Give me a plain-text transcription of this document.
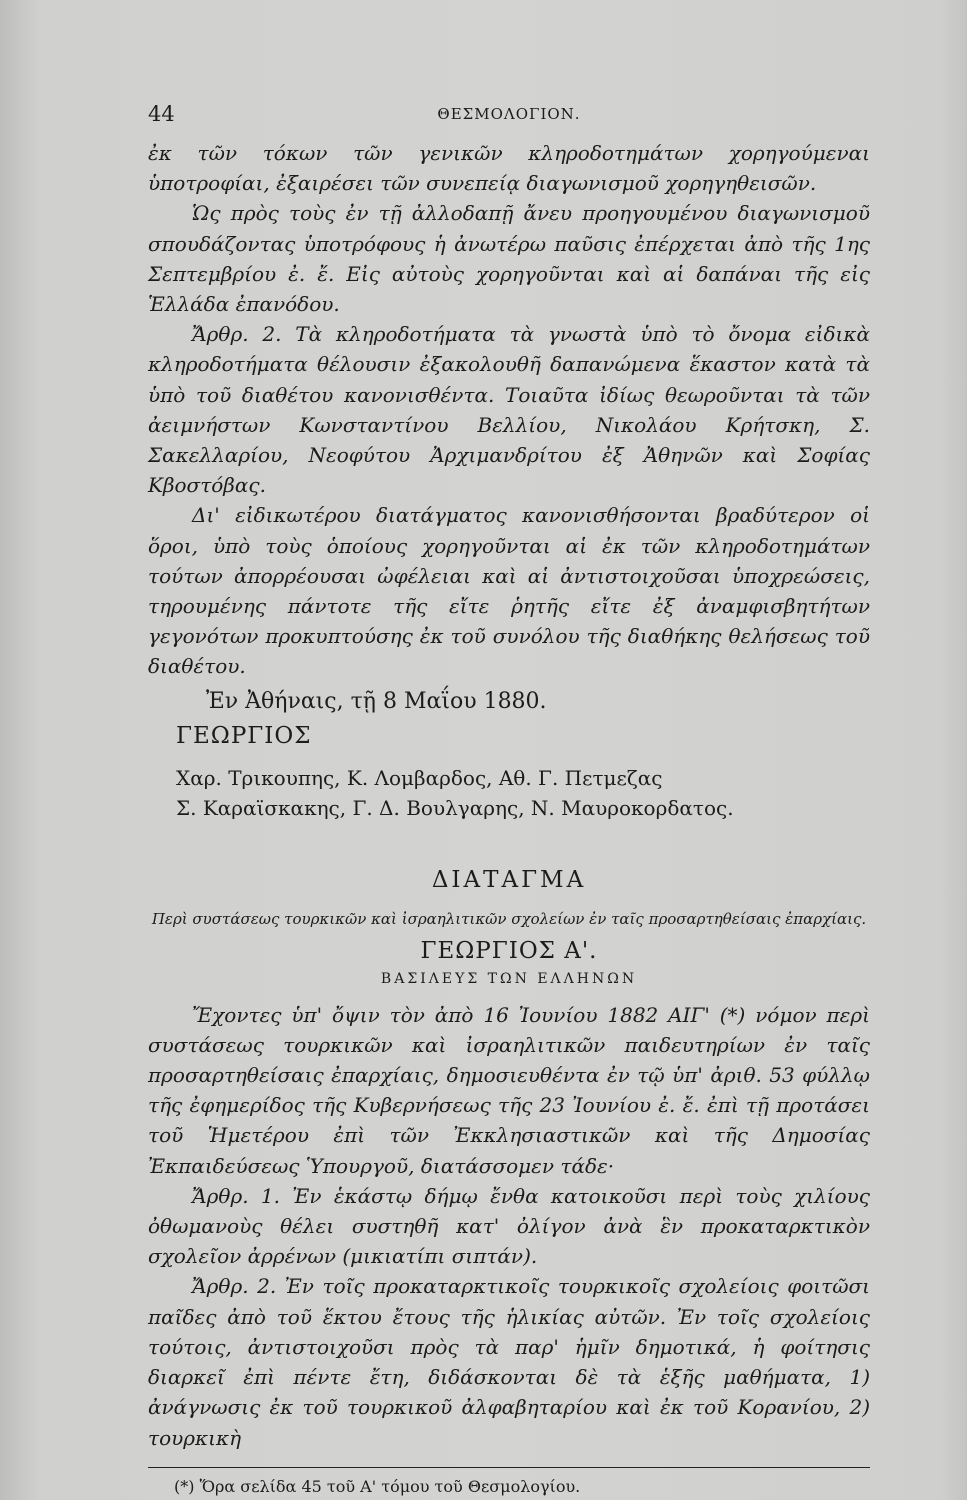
44	ΘΕΣΜΟΛΟΓΙΟΝ.
ἐκ τῶν τόκων τῶν γενικῶν κληροδοτημάτων χορηγούμεναι ὑποτροφίαι, ἐξαιρέσει τῶν συνεπείᾳ διαγωνισμοῦ χορηγηθεισῶν.
Ὡς πρὸς τοὺς ἐν τῇ ἀλλοδαπῇ ἄνευ προηγουμένου διαγωνισμοῦ σπουδάζοντας ὑποτρόφους ἡ ἀνωτέρω παῦσις ἐπέρχεται ἀπὸ τῆς 1ης Σεπτεμβρίου ἐ. ἔ. Εἰς αὐτοὺς χορηγοῦνται καὶ αἱ δαπάναι τῆς εἰς Ἑλλάδα ἐπανόδου.
Ἄρθρ. 2. Τὰ κληροδοτήματα τὰ γνωστὰ ὑπὸ τὸ ὄνομα εἰδικὰ κληροδοτήματα θέλουσιν ἐξακολουθῆ δαπανώμενα ἕκαστον κατὰ τὰ ὑπὸ τοῦ διαθέτου κανονισθέντα. Τοιαῦτα ἰδίως θεωροῦνται τὰ τῶν ἀειμνήστων Κωνσταντίνου Βελλίου, Νικολάου Κρήτσκη, Σ. Σακελλαρίου, Νεοφύτου Ἀρχιμανδρίτου ἐξ Ἀθηνῶν καὶ Σοφίας Κβοστόβας.
Δι' εἰδικωτέρου διατάγματος κανονισθήσονται βραδύτερον οἱ ὅροι, ὑπὸ τοὺς ὁποίους χορηγοῦνται αἱ ἐκ τῶν κληροδοτημάτων τούτων ἀπορρέουσαι ὠφέλειαι καὶ αἱ ἀντιστοιχοῦσαι ὑποχρεώσεις, τηρουμένης πάντοτε τῆς εἴτε ῥητῆς εἴτε ἐξ ἀναμφισβητήτων γεγονότων προκυπτούσης ἐκ τοῦ συνόλου τῆς διαθήκης θελήσεως τοῦ διαθέτου.
Ἐν Ἀθήναις, τῇ 8 Μαΐου 1880.
ΓΕΩΡΓΙΟΣ
Χαρ. Τρικουπης, Κ. Λομβαρδος, Αθ. Γ. Πετμεζας
Σ. Καραϊσκακης, Γ. Δ. Βουλγαρης, Ν. Μαυροκορδατος.
ΔΙΑΤΑΓΜΑ
Περὶ συστάσεως τουρκικῶν καὶ ἰσραηλιτικῶν σχολείων ἐν ταῖς προσαρτηθείσαις ἐπαρχίαις.
ΓΕΩΡΓΙΟΣ Α'.
ΒΑΣΙΛΕΥΣ ΤΩΝ ΕΛΛΗΝΩΝ
Ἔχοντες ὑπ' ὄψιν τὸν ἀπὸ 16 Ἰουνίου 1882 ΑΙΓ' (*) νόμον περὶ συστάσεως τουρκικῶν καὶ ἰσραηλιτικῶν παιδευτηρίων ἐν ταῖς προσαρτηθείσαις ἐπαρχίαις, δημοσιευθέντα ἐν τῷ ὑπ' ἀριθ. 53 φύλλῳ τῆς ἐφημερίδος τῆς Κυβερνήσεως τῆς 23 Ἰουνίου ἐ. ἔ. ἐπὶ τῇ προτάσει τοῦ Ἡμετέρου ἐπὶ τῶν Ἐκκλησιαστικῶν καὶ τῆς Δημοσίας Ἐκπαιδεύσεως Ὑπουργοῦ, διατάσσομεν τάδε·
Ἄρθρ. 1. Ἐν ἑκάστῳ δήμῳ ἔνθα κατοικοῦσι περὶ τοὺς χιλίους ὀθωμανοὺς θέλει συστηθῆ κατ' ὀλίγον ἀνὰ ἓν προκαταρκτικὸν σχολεῖον ἀρρένων (μικιατίπι σιπτάν).
Ἄρθρ. 2. Ἐν τοῖς προκαταρκτικοῖς τουρκικοῖς σχολείοις φοιτῶσι παῖδες ἀπὸ τοῦ ἕκτου ἔτους τῆς ἡλικίας αὐτῶν. Ἐν τοῖς σχολείοις τούτοις, ἀντιστοιχοῦσι πρὸς τὰ παρ' ἡμῖν δημοτικά, ἡ φοίτησις διαρκεῖ ἐπὶ πέντε ἔτη, διδάσκονται δὲ τὰ ἑξῆς μαθήματα, 1) ἀνάγνωσις ἐκ τοῦ τουρκικοῦ ἀλφαβηταρίου καὶ ἐκ τοῦ Κορανίου, 2) τουρκικὴ
(*) Ὅρα σελίδα 45 τοῦ Α' τόμου τοῦ Θεσμολογίου.
